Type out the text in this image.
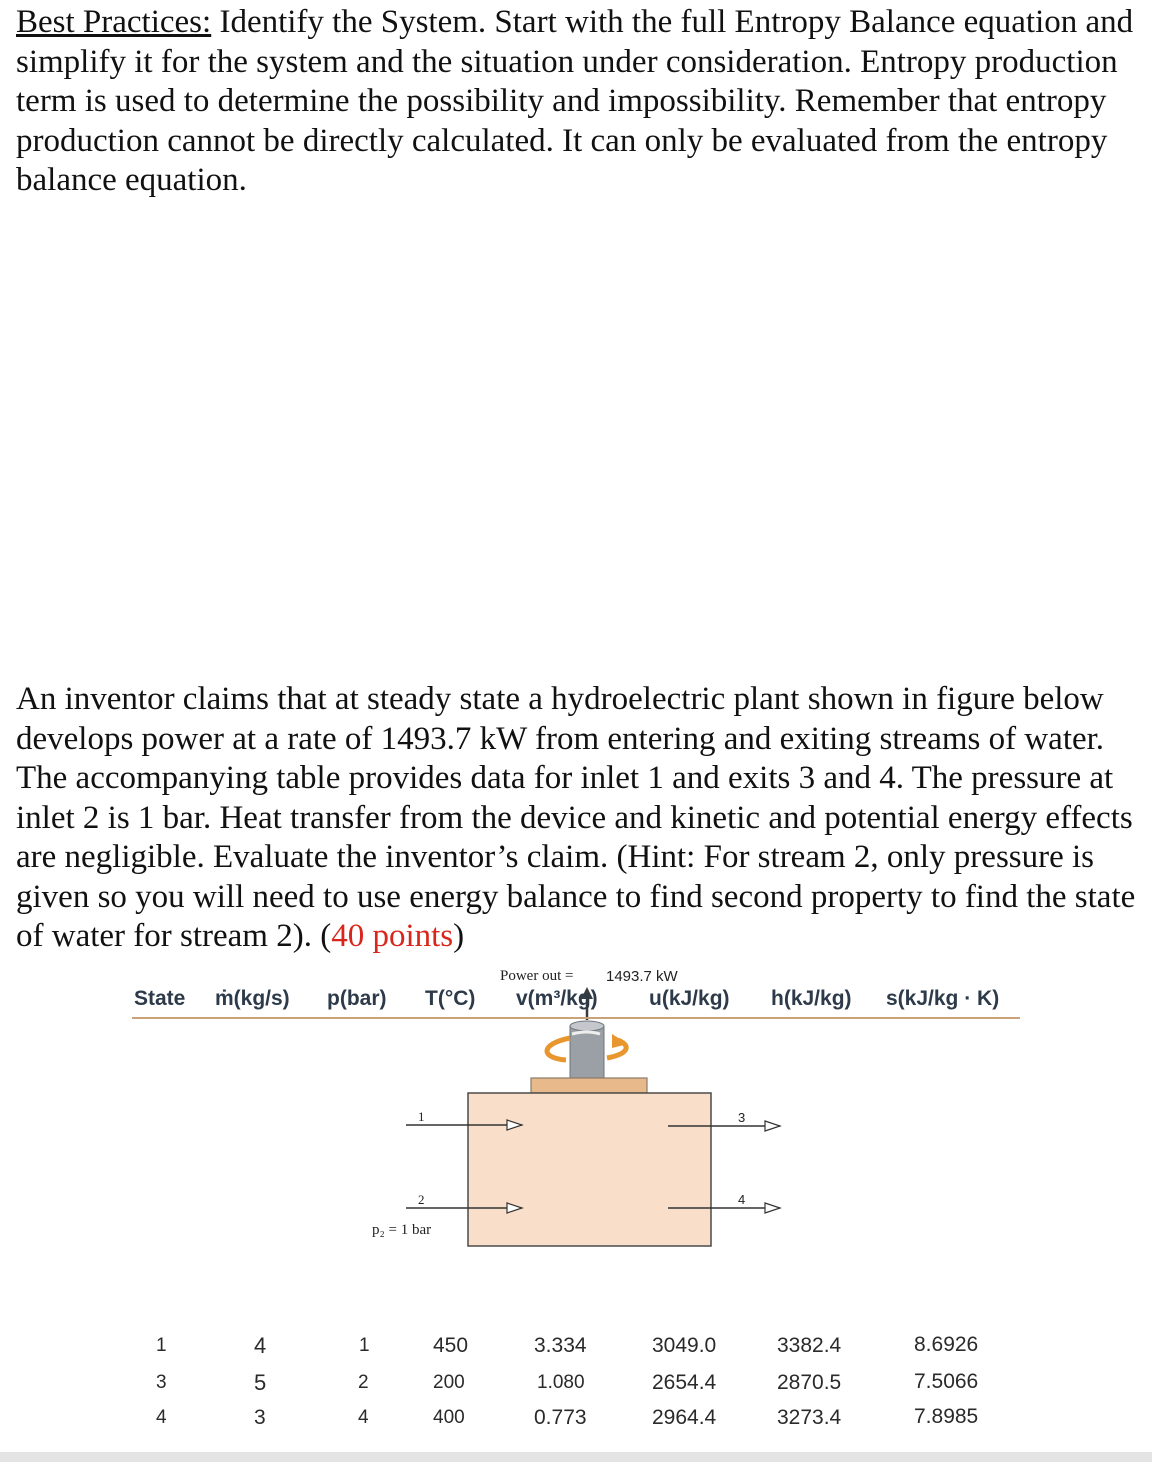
Best Practices: Identify the System. Start with the full Entropy Balance equation and simplify it for the system and the situation under consideration. Entropy production term is used to determine the possibility and impossibility. Remember that entropy production cannot be directly calculated. It can only be evaluated from the entropy balance equation.

An inventor claims that at steady state a hydroelectric plant shown in figure below develops power at a rate of 1493.7 kW from entering and exiting streams of water. The accompanying table provides data for inlet 1 and exits 3 and 4. The pressure at inlet 2 is 1 bar. Heat transfer from the device and kinetic and potential energy effects are negligible. Evaluate the inventor’s claim. (Hint: For stream 2, only pressure is given so you will need to use energy balance to find second property to find the state of water for stream 2). (40 points)

Power out = 1493.7 kW
1
2
p₂ = 1 bar
3
4
State ṁ(kg/s) p(bar) T(°C) v(m³/kg) u(kJ/kg) h(kJ/kg) s(kJ/kg · K)
1	4	1	450	3.334	3049.0	3382.4	8.6926
3	5	2	200	1.080	2654.4	2870.5	7.5066
4	3	4	400	0.773	2964.4	3273.4	7.8985
